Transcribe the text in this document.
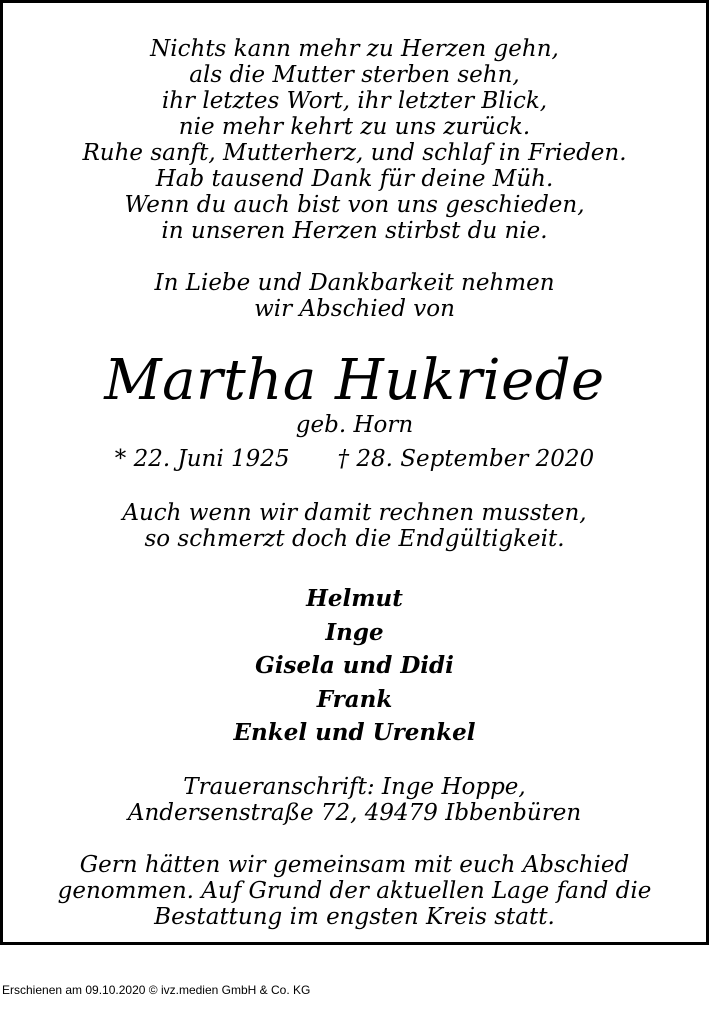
Nichts kann mehr zu Herzen gehn,
als die Mutter sterben sehn,
ihr letztes Wort, ihr letzter Blick,
nie mehr kehrt zu uns zurück.
Ruhe sanft, Mutterherz, und schlaf in Frieden.
Hab tausend Dank für deine Müh.
Wenn du auch bist von uns geschieden,
in unseren Herzen stirbst du nie.
In Liebe und Dankbarkeit nehmen
wir Abschied von
Martha Hukriede
geb. Horn
* 22. Juni 1925 † 28. September 2020
Auch wenn wir damit rechnen mussten,
so schmerzt doch die Endgültigkeit.
Helmut
Inge
Gisela und Didi
Frank
Enkel und Urenkel
Traueranschrift: Inge Hoppe,
Andersenstraße 72, 49479 Ibbenbüren
Gern hätten wir gemeinsam mit euch Abschied
genommen. Auf Grund der aktuellen Lage fand die
Bestattung im engsten Kreis statt.
Erschienen am 09.10.2020 © ivz.medien GmbH & Co. KG
